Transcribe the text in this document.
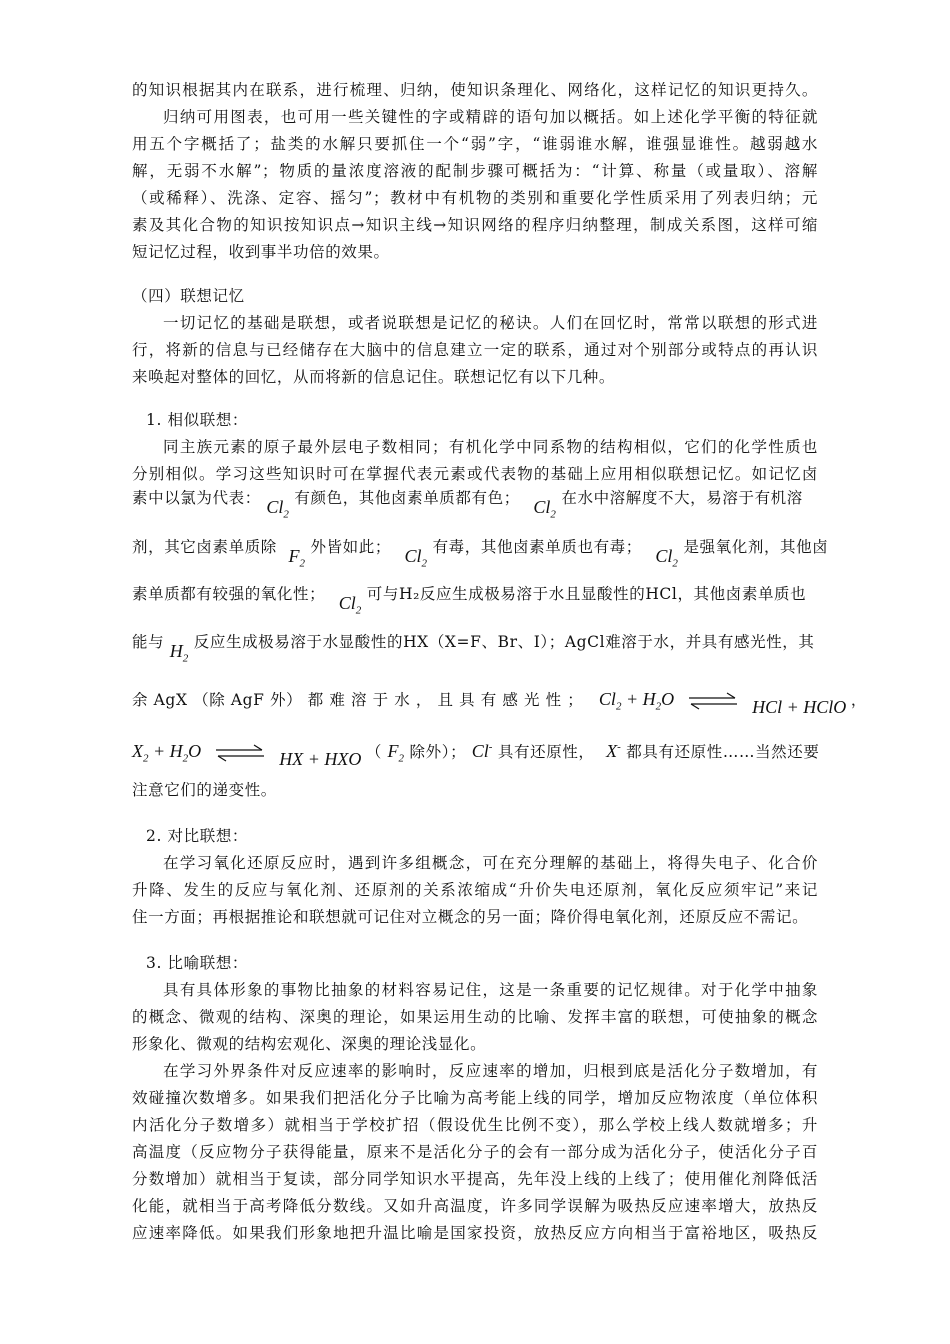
的知识根据其内在联系，进行梳理、归纳，使知识条理化、网络化，这样记忆的知识更持久。
归纳可用图表，也可用一些关键性的字或精辟的语句加以概括。如上述化学平衡的特征就
用五个字概括了；盐类的水解只要抓住一个“弱”字，“谁弱谁水解，谁强显谁性。越弱越水
解，无弱不水解”；物质的量浓度溶液的配制步骤可概括为：“计算、称量（或量取）、溶解
（或稀释）、洗涤、定容、摇匀”；教材中有机物的类别和重要化学性质采用了列表归纳；元
素及其化合物的知识按知识点→知识主线→知识网络的程序归纳整理，制成关系图，这样可缩
短记忆过程，收到事半功倍的效果。
（四）联想记忆
一切记忆的基础是联想，或者说联想是记忆的秘诀。人们在回忆时，常常以联想的形式进
行，将新的信息与已经储存在大脑中的信息建立一定的联系，通过对个别部分或特点的再认识
来唤起对整体的回忆，从而将新的信息记住。联想记忆有以下几种。
1. 相似联想：
同主族元素的原子最外层电子数相同；有机化学中同系物的结构相似，它们的化学性质也
分别相似。学习这些知识时可在掌握代表元素或代表物的基础上应用相似联想记忆。如记忆卤
素中以氯为代表： $Cl_2$ 有颜色，其他卤素单质都有色； $Cl_2$ 在水中溶解度不大，易溶于有机溶
剂，其它卤素单质除 $F_2$ 外皆如此； $Cl_2$ 有毒，其他卤素单质也有毒； $Cl_2$ 是强氧化剂，其他卤
素单质都有较强的氧化性； $Cl_2$ 可与H₂反应生成极易溶于水且显酸性的HCl，其他卤素单质也
能与 $H_2$ 反应生成极易溶于水显酸性的HX（X=F、Br、I）；AgCl难溶于水，并具有感光性，其
余 AgX （除 AgF 外） 都 难 溶 于 水 ， 且 具 有 感 光 性 ； $Cl_2 + H_2O$ ⇌ HCl + HClO ，
$X_2 + H_2O$ ⇌ HX + HXO （ $F_2$ 除外）； Cl- 具有还原性， X- 都具有还原性……当然还要
注意它们的递变性。
2. 对比联想：
在学习氧化还原反应时，遇到许多组概念，可在充分理解的基础上，将得失电子、化合价
升降、发生的反应与氧化剂、还原剂的关系浓缩成“升价失电还原剂，氧化反应须牢记”来记
住一方面；再根据推论和联想就可记住对立概念的另一面；降价得电氧化剂，还原反应不需记。
3. 比喻联想：
具有具体形象的事物比抽象的材料容易记住，这是一条重要的记忆规律。对于化学中抽象
的概念、微观的结构、深奥的理论，如果运用生动的比喻、发挥丰富的联想，可使抽象的概念
形象化、微观的结构宏观化、深奥的理论浅显化。
在学习外界条件对反应速率的影响时，反应速率的增加，归根到底是活化分子数增加，有
效碰撞次数增多。如果我们把活化分子比喻为高考能上线的同学，增加反应物浓度（单位体积
内活化分子数增多）就相当于学校扩招（假设优生比例不变），那么学校上线人数就增多；升
高温度（反应物分子获得能量，原来不是活化分子的会有一部分成为活化分子，使活化分子百
分数增加）就相当于复读，部分同学知识水平提高，先年没上线的上线了；使用催化剂降低活
化能，就相当于高考降低分数线。又如升高温度，许多同学误解为吸热反应速率增大，放热反
应速率降低。如果我们形象地把升温比喻是国家投资，放热反应方向相当于富裕地区，吸热反
